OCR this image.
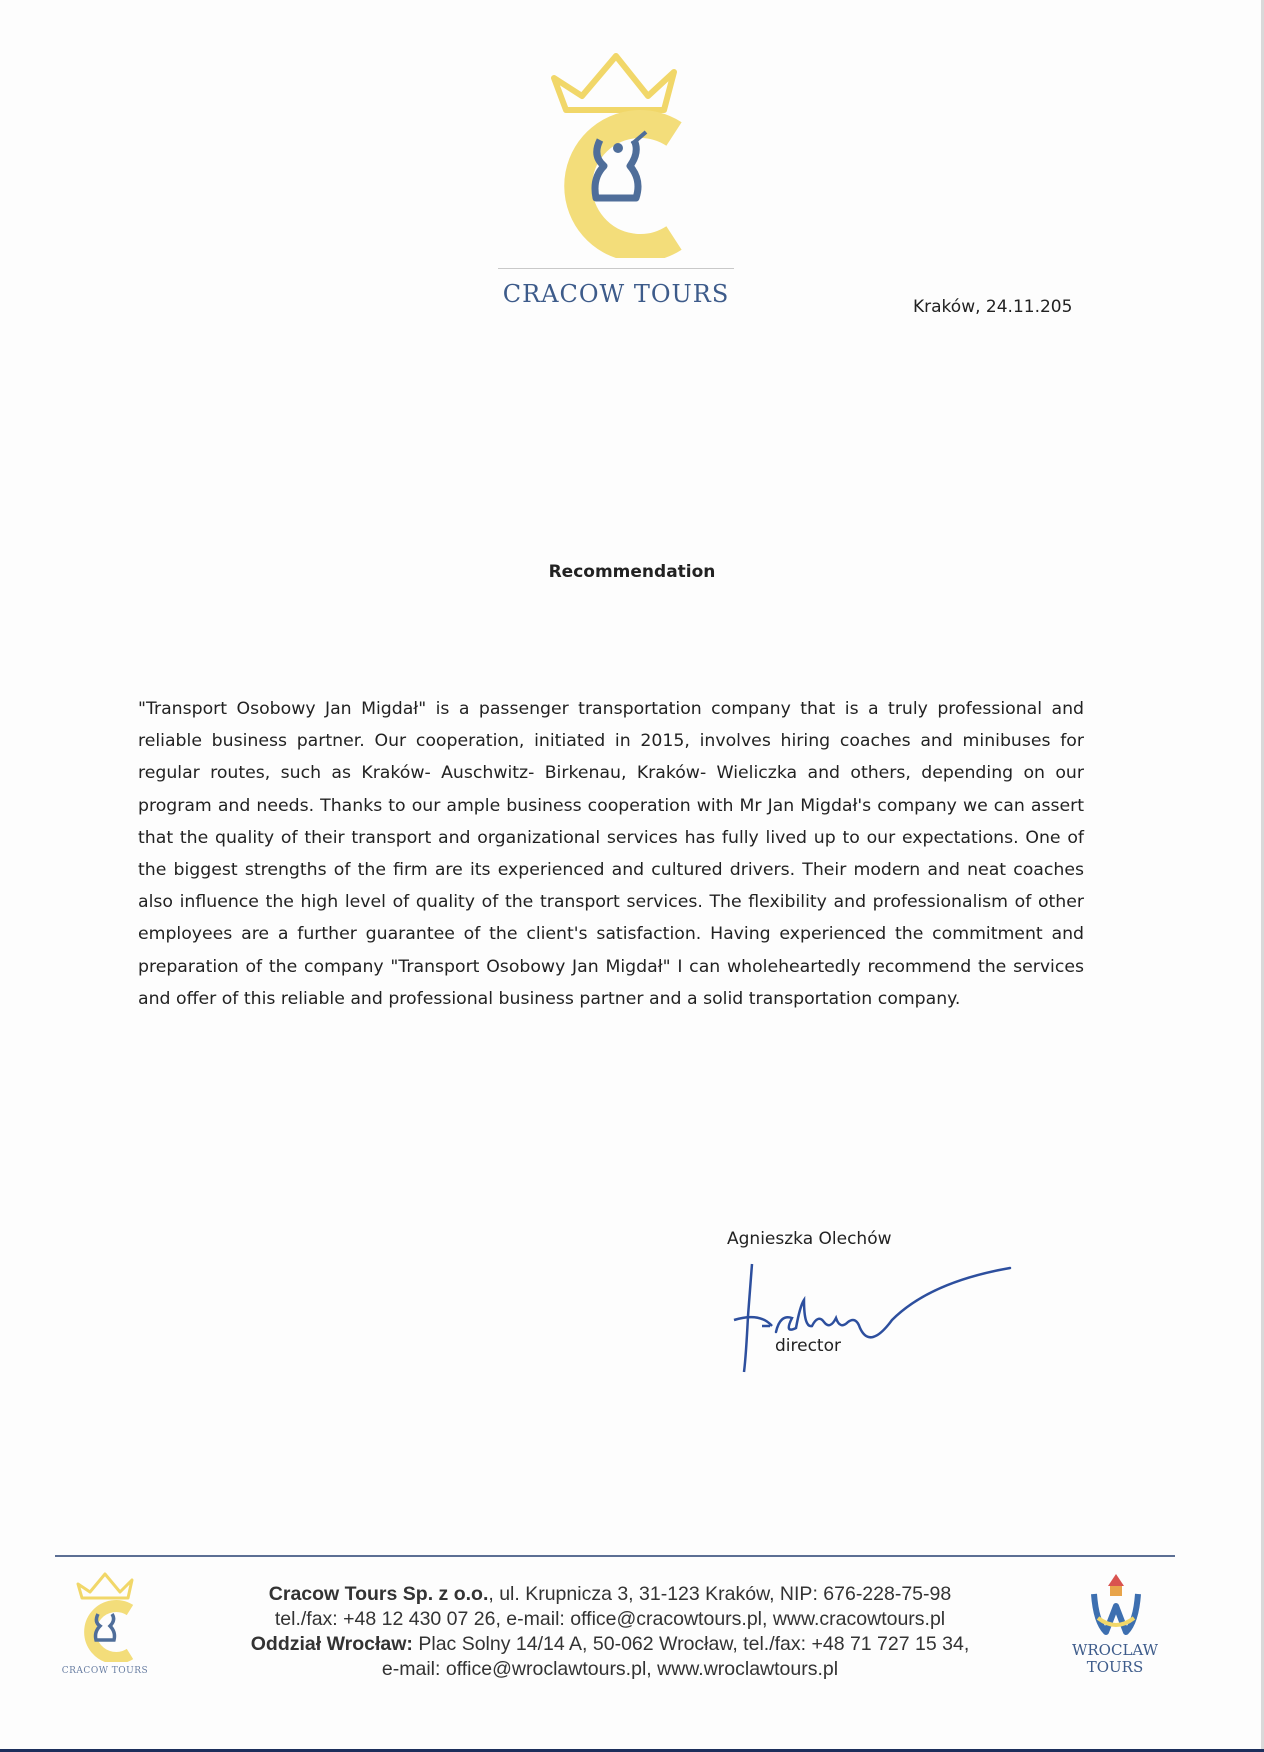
CRACOW TOURS	Kraków, 24.11.205
Recommendation
"Transport Osobowy Jan Migdał" is a passenger transportation company that is a truly professional and reliable business partner. Our cooperation, initiated in 2015, involves hiring coaches and minibuses for regular routes, such as Kraków- Auschwitz- Birkenau, Kraków- Wieliczka and others, depending on our program and needs. Thanks to our ample business cooperation with Mr Jan Migdał's company we can assert that the quality of their transport and organizational services has fully lived up to our expectations. One of the biggest strengths of the firm are its experienced and cultured drivers. Their modern and neat coaches also influence the high level of quality of the transport services. The flexibility and professionalism of other employees are a further guarantee of the client's satisfaction. Having experienced the commitment and preparation of the company "Transport Osobowy Jan Migdał" I can wholeheartedly recommend the services and offer of this reliable and professional business partner and a solid transportation company.
Agnieszka Olechów
director
CRACOW TOURS
Cracow Tours Sp. z o.o., ul. Krupnicza 3, 31-123 Kraków, NIP: 676-228-75-98
tel./fax: +48 12 430 07 26, e-mail: office@cracowtours.pl, www.cracowtours.pl
Oddział Wrocław: Plac Solny 14/14 A, 50-062 Wrocław, tel./fax: +48 71 727 15 34,
e-mail: office@wroclawtours.pl, www.wroclawtours.pl
WROCLAW
TOURS
